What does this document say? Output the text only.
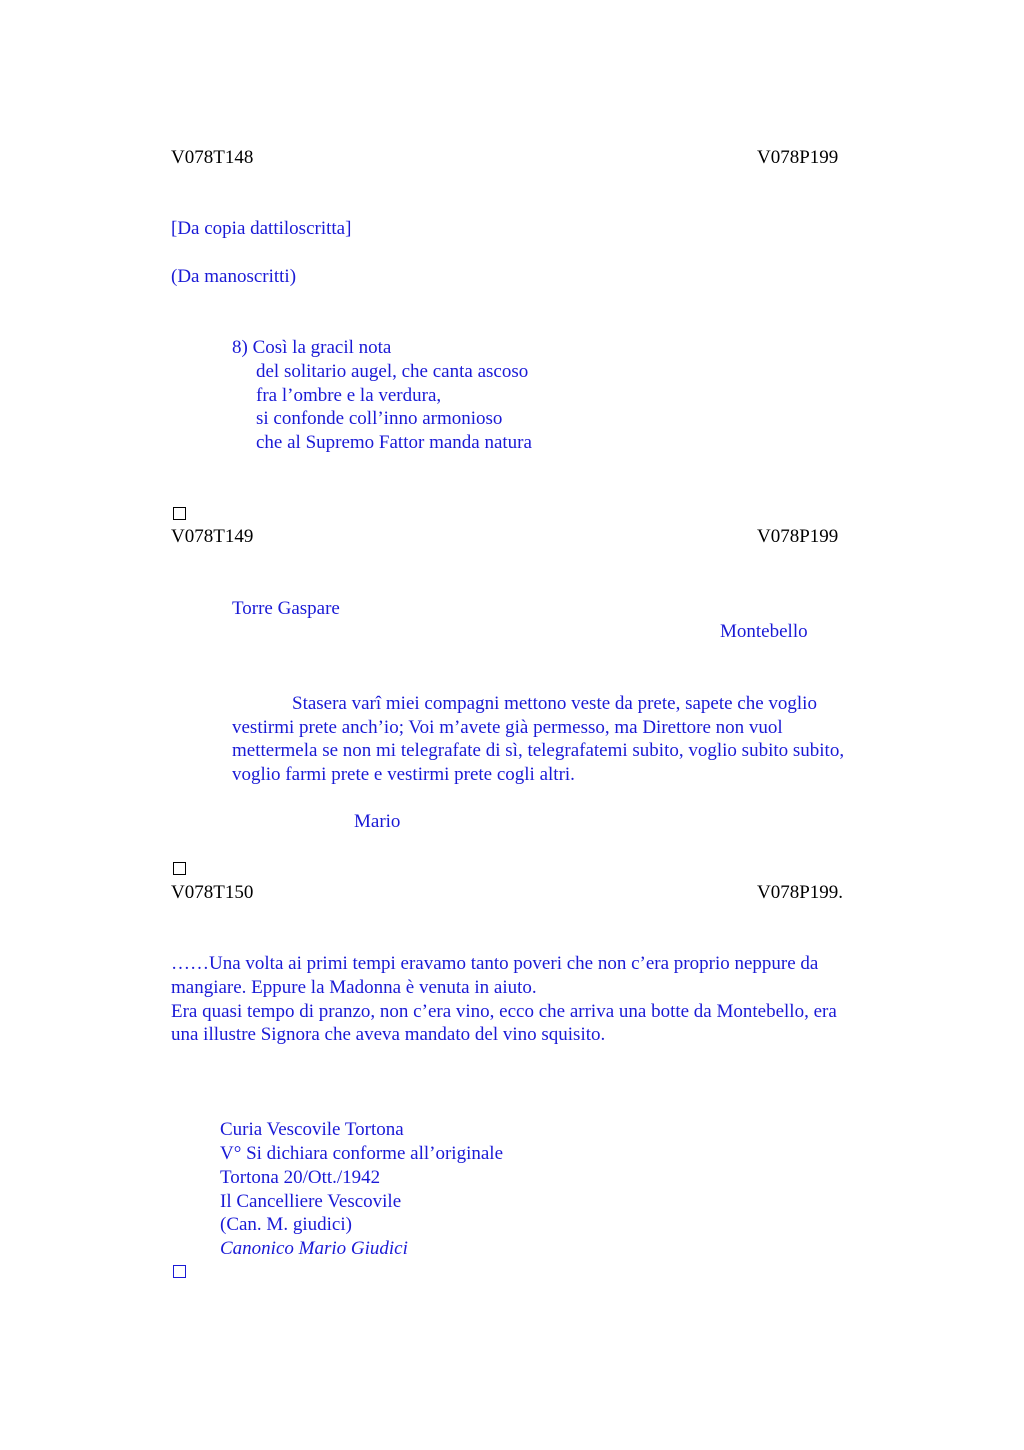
V078T148	V078P199
[Da copia dattiloscritta]
(Da manoscritti)
8) Così la gracil nota
del solitario augel, che canta ascoso
fra l’ombre e la verdura,
si confonde coll’inno armonioso
che al Supremo Fattor manda natura
V078T149	V078P199
Torre Gaspare
Montebello
Stasera varî miei compagni mettono veste da prete, sapete che voglio
vestirmi prete anch’io; Voi m’avete già permesso, ma Direttore non vuol
mettermela se non mi telegrafate di sì, telegrafatemi subito, voglio subito subito,
voglio farmi prete e vestirmi prete cogli altri.
Mario
V078T150	V078P199.
……Una volta ai primi tempi eravamo tanto poveri che non c’era proprio neppure da
mangiare. Eppure la Madonna è venuta in aiuto.
Era quasi tempo di pranzo, non c’era vino, ecco che arriva una botte da Montebello, era
una illustre Signora che aveva mandato del vino squisito.
Curia Vescovile Tortona
V° Si dichiara conforme all’originale
Tortona 20/Ott./1942
Il Cancelliere Vescovile
(Can. M. giudici)
Canonico Mario Giudici
